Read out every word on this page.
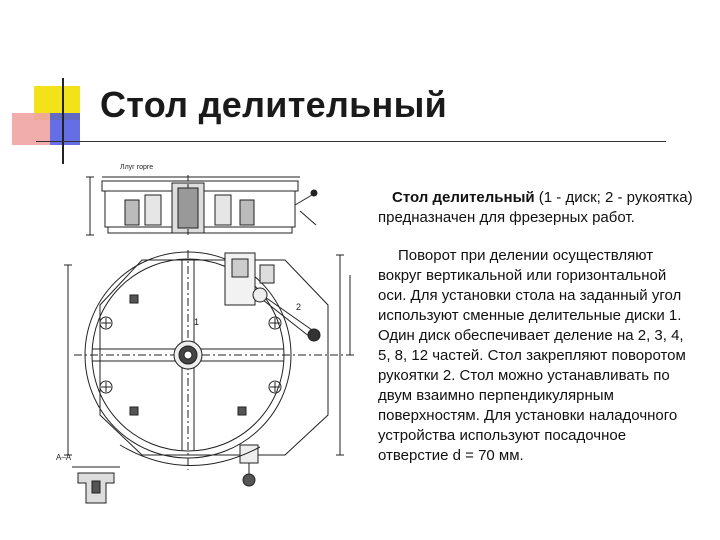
Стол делительный
Ллуг горге
А–А
1
2

Стол делительный (1 - диск; 2 - рукоятка) предназначен для фрезерных работ.

Поворот при делении осуществляют вокруг вертикальной или горизонтальной оси. Для установки стола на заданный угол используют сменные делительные диски 1. Один диск обеспечивает деление на 2, 3, 4, 5, 8, 12 частей. Стол закрепляют поворотом рукоятки 2. Стол можно устанавливать по двум взаимно перпендикулярным поверхностям. Для установки наладочного устройства используют посадочное отверстие d = 70 мм.
